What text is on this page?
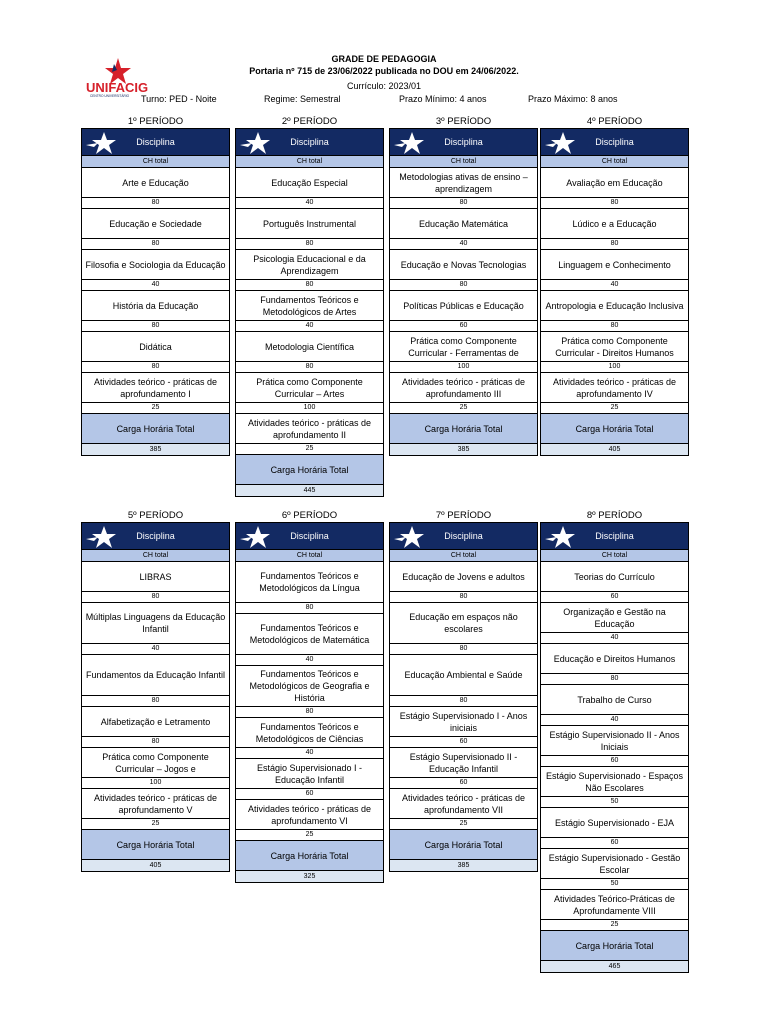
UNIFACIG
CENTRO UNIVERSITÁRIO
GRADE DE PEDAGOGIA
Portaria nº 715 de 23/06/2022 publicada no DOU em 24/06/2022.
Currículo: 2023/01
Turno: PED - Noite	Regime: Semestral	Prazo Mínimo: 4 anos	Prazo Máximo: 8 anos
1º PERÍODO
Disciplina
CH total
Arte e Educação
80
Educação e Sociedade
80
Filosofia e Sociologia da Educação
40
História da Educação
80
Didática
80
Atividades teórico - práticas de aprofundamento I
25
Carga Horária Total
385
2º PERÍODO
Disciplina
CH total
Educação Especial
40
Português Instrumental
80
Psicologia Educacional e da Aprendizagem
80
Fundamentos Teóricos e Metodológicos de Artes
40
Metodologia Científica
80
Prática como Componente Curricular – Artes
100
Atividades teórico - práticas de aprofundamento II
25
Carga Horária Total
445
3º PERÍODO
Disciplina
CH total
Metodologias ativas de ensino – aprendizagem
80
Educação Matemática
40
Educação e Novas Tecnologias
80
Políticas Públicas e Educação
60
Prática como Componente Curricular - Ferramentas de
100
Atividades teórico - práticas de aprofundamento III
25
Carga Horária Total
385
4º PERÍODO
Disciplina
CH total
Avaliação em Educação
80
Lúdico e a Educação
80
Linguagem e Conhecimento
40
Antropologia e Educação Inclusiva
80
Prática como Componente Curricular - Direitos Humanos
100
Atividades teórico - práticas de aprofundamento IV
25
Carga Horária Total
405
5º PERÍODO
Disciplina
CH total
LIBRAS
80
Múltiplas Linguagens da Educação Infantil
40
Fundamentos da Educação Infantil
80
Alfabetização e Letramento
80
Prática como Componente Curricular – Jogos e
100
Atividades teórico - práticas de aprofundamento V
25
Carga Horária Total
405
6º PERÍODO
Disciplina
CH total
Fundamentos Teóricos e Metodológicos da Língua
80
Fundamentos Teóricos e Metodológicos de Matemática
40
Fundamentos Teóricos e Metodológicos de Geografia e História
80
Fundamentos Teóricos e Metodológicos de Ciências
40
Estágio Supervisionado I - Educação Infantil
60
Atividades teórico - práticas de aprofundamento VI
25
Carga Horária Total
325
7º PERÍODO
Disciplina
CH total
Educação de Jovens e adultos
80
Educação em espaços não escolares
80
Educação Ambiental e Saúde
80
Estágio Supervisionado I - Anos iniciais
60
Estágio Supervisionado II - Educação Infantil
60
Atividades teórico - práticas de aprofundamento VII
25
Carga Horária Total
385
8º PERÍODO
Disciplina
CH total
Teorias do Currículo
60
Organização e Gestão na Educação
40
Educação e Direitos Humanos
80
Trabalho de Curso
40
Estágio Supervisionado II - Anos Iniciais
60
Estágio Supervisionado - Espaços Não Escolares
50
Estágio Supervisionado - EJA
60
Estágio Supervisionado - Gestão Escolar
50
Atividades Teórico-Práticas de Aprofundamente VIII
25
Carga Horária Total
465
